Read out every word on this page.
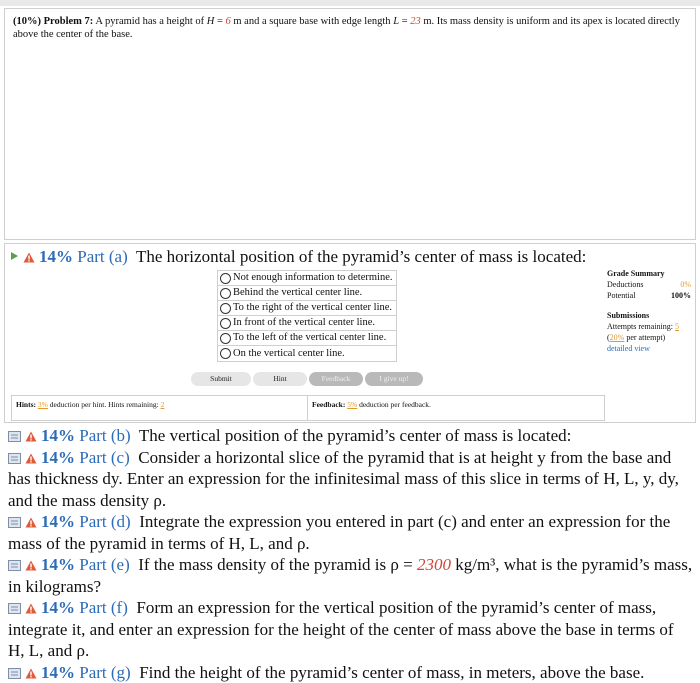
(10%) Problem 7: A pyramid has a height of H = 6 m and a square base with edge length L = 23 m. Its mass density is uniform and its apex is located directly above the center of the base.
14% Part (a) The horizontal position of the pyramid’s center of mass is located:
Not enough information to determine.
Behind the vertical center line.
To the right of the vertical center line.
In front of the vertical center line.
To the left of the vertical center line.
On the vertical center line.
Grade Summary
Deductions	0%
Potential	100%
Submissions
Attempts remaining: 5
(20% per attempt)
detailed view
Submit	Hint	Feedback	I give up!
Hints: 3% deduction per hint. Hints remaining: 2	Feedback: 5% deduction per feedback.
14% Part (b) The vertical position of the pyramid’s center of mass is located:
14% Part (c) Consider a horizontal slice of the pyramid that is at height y from the base and has thickness dy. Enter an expression for the infinitesimal mass of this slice in terms of H, L, y, dy, and the mass density ρ.
14% Part (d) Integrate the expression you entered in part (c) and enter an expression for the mass of the pyramid in terms of H, L, and ρ.
14% Part (e) If the mass density of the pyramid is ρ = 2300 kg/m³, what is the pyramid’s mass, in kilograms?
14% Part (f) Form an expression for the vertical position of the pyramid’s center of mass, integrate it, and enter an expression for the height of the center of mass above the base in terms of H, L, and ρ.
14% Part (g) Find the height of the pyramid’s center of mass, in meters, above the base.
